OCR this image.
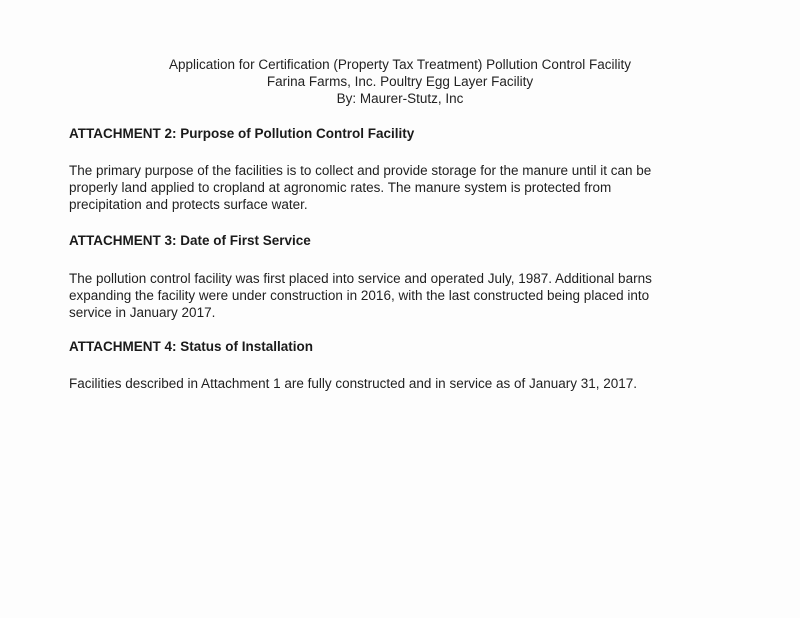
Application for Certification (Property Tax Treatment) Pollution Control Facility
Farina Farms, Inc. Poultry Egg Layer Facility
By: Maurer-Stutz, Inc
ATTACHMENT 2: Purpose of Pollution Control Facility
The primary purpose of the facilities is to collect and provide storage for the manure until it can be
properly land applied to cropland at agronomic rates. The manure system is protected from
precipitation and protects surface water.
ATTACHMENT 3: Date of First Service
The pollution control facility was first placed into service and operated July, 1987. Additional barns
expanding the facility were under construction in 2016, with the last constructed being placed into
service in January 2017.
ATTACHMENT 4: Status of Installation
Facilities described in Attachment 1 are fully constructed and in service as of January 31, 2017.
